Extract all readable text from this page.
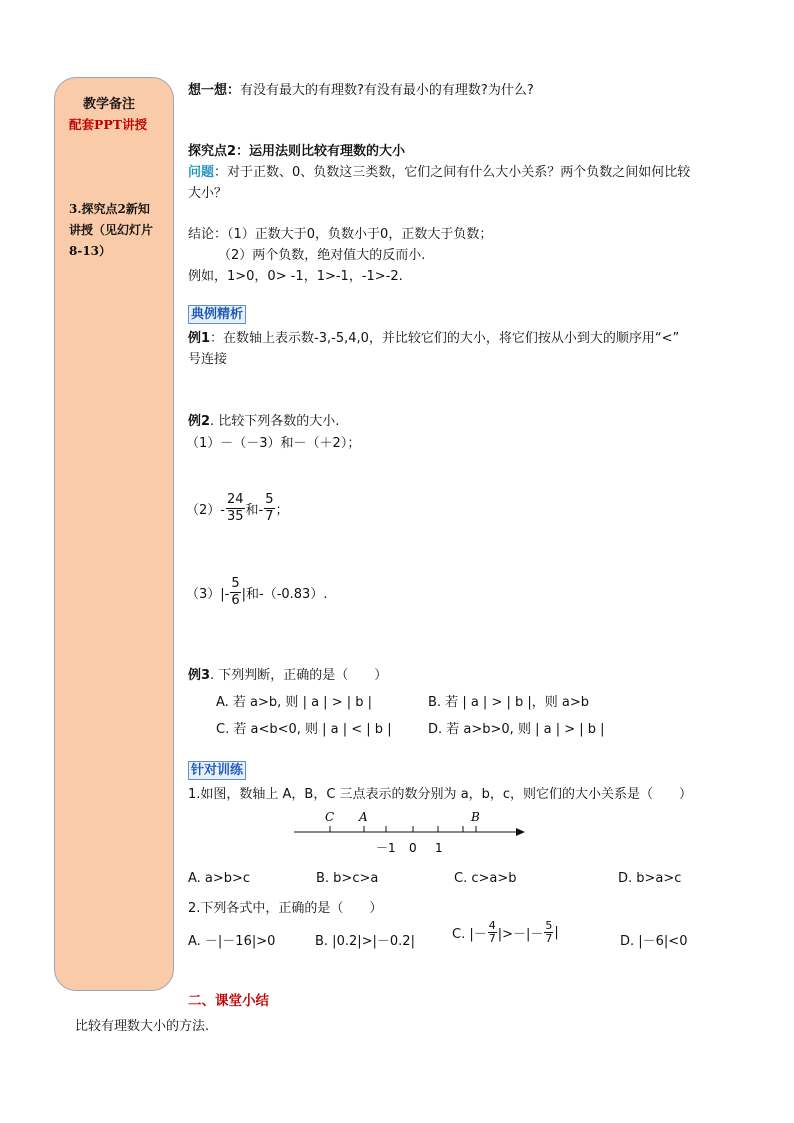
教学备注
配套PPT讲授
3.探究点2新知讲授（见幻灯片8-13）
想一想：有没有最大的有理数?有没有最小的有理数?为什么?
探究点2：运用法则比较有理数的大小
问题：对于正数、0、负数这三类数，它们之间有什么大小关系？两个负数之间如何比较
大小？
结论：（1）正数大于0，负数小于0，正数大于负数；
（2）两个负数，绝对值大的反而小.
例如，1>0，0> -1，1>-1，-1>-2.
典例精析
例1：在数轴上表示数-3,-5,4,0，并比较它们的大小，将它们按从小到大的顺序用“<”
号连接
例2. 比较下列各数的大小.
（1）－（－3）和－（＋2）；
$(2)- \frac{24}{35}$ 和- $\frac{5}{7}$ ；
$(3)|- \frac{5}{6}$ |和-（-0.83）.
例3. 下列判断，正确的是（　　）
A. 若 a>b, 则 | a | > | b |	B. 若 | a | > | b |，则 a>b
C. 若 a<b<0, 则 | a | < | b |	D. 若 a>b>0, 则 | a | > | b |
针对训练
1.如图，数轴上 A，B，C 三点表示的数分别为 a，b，c，则它们的大小关系是（　　）
C A	B
－1 0 1
A. a>b>c	B. b>c>a	C. c>a>b	D. b>a>c
2.下列各式中，正确的是（　　）
A. －|－16|>0	B. |0.2|>|－0.2|	C. |－ $\frac{4}{7}$ |>－|－ $\frac{5}{7}$ |
D. |－6|<0
二、课堂小结
比较有理数大小的方法.
